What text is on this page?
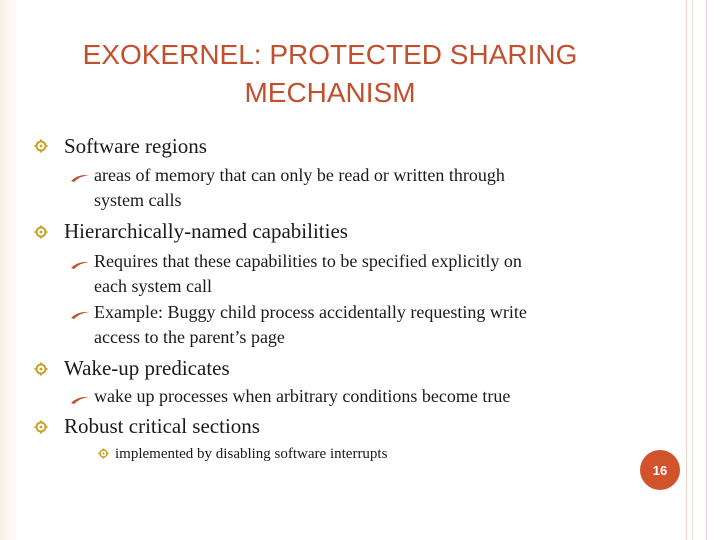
EXOKERNEL: PROTECTED SHARING
MECHANISM
Software regions
areas of memory that can only be read or written through
system calls
Hierarchically-named capabilities
Requires that these capabilities to be specified explicitly on
each system call
Example: Buggy child process accidentally requesting write
access to the parent’s page
Wake-up predicates
wake up processes when arbitrary conditions become true
Robust critical sections
implemented by disabling software interrupts
16
